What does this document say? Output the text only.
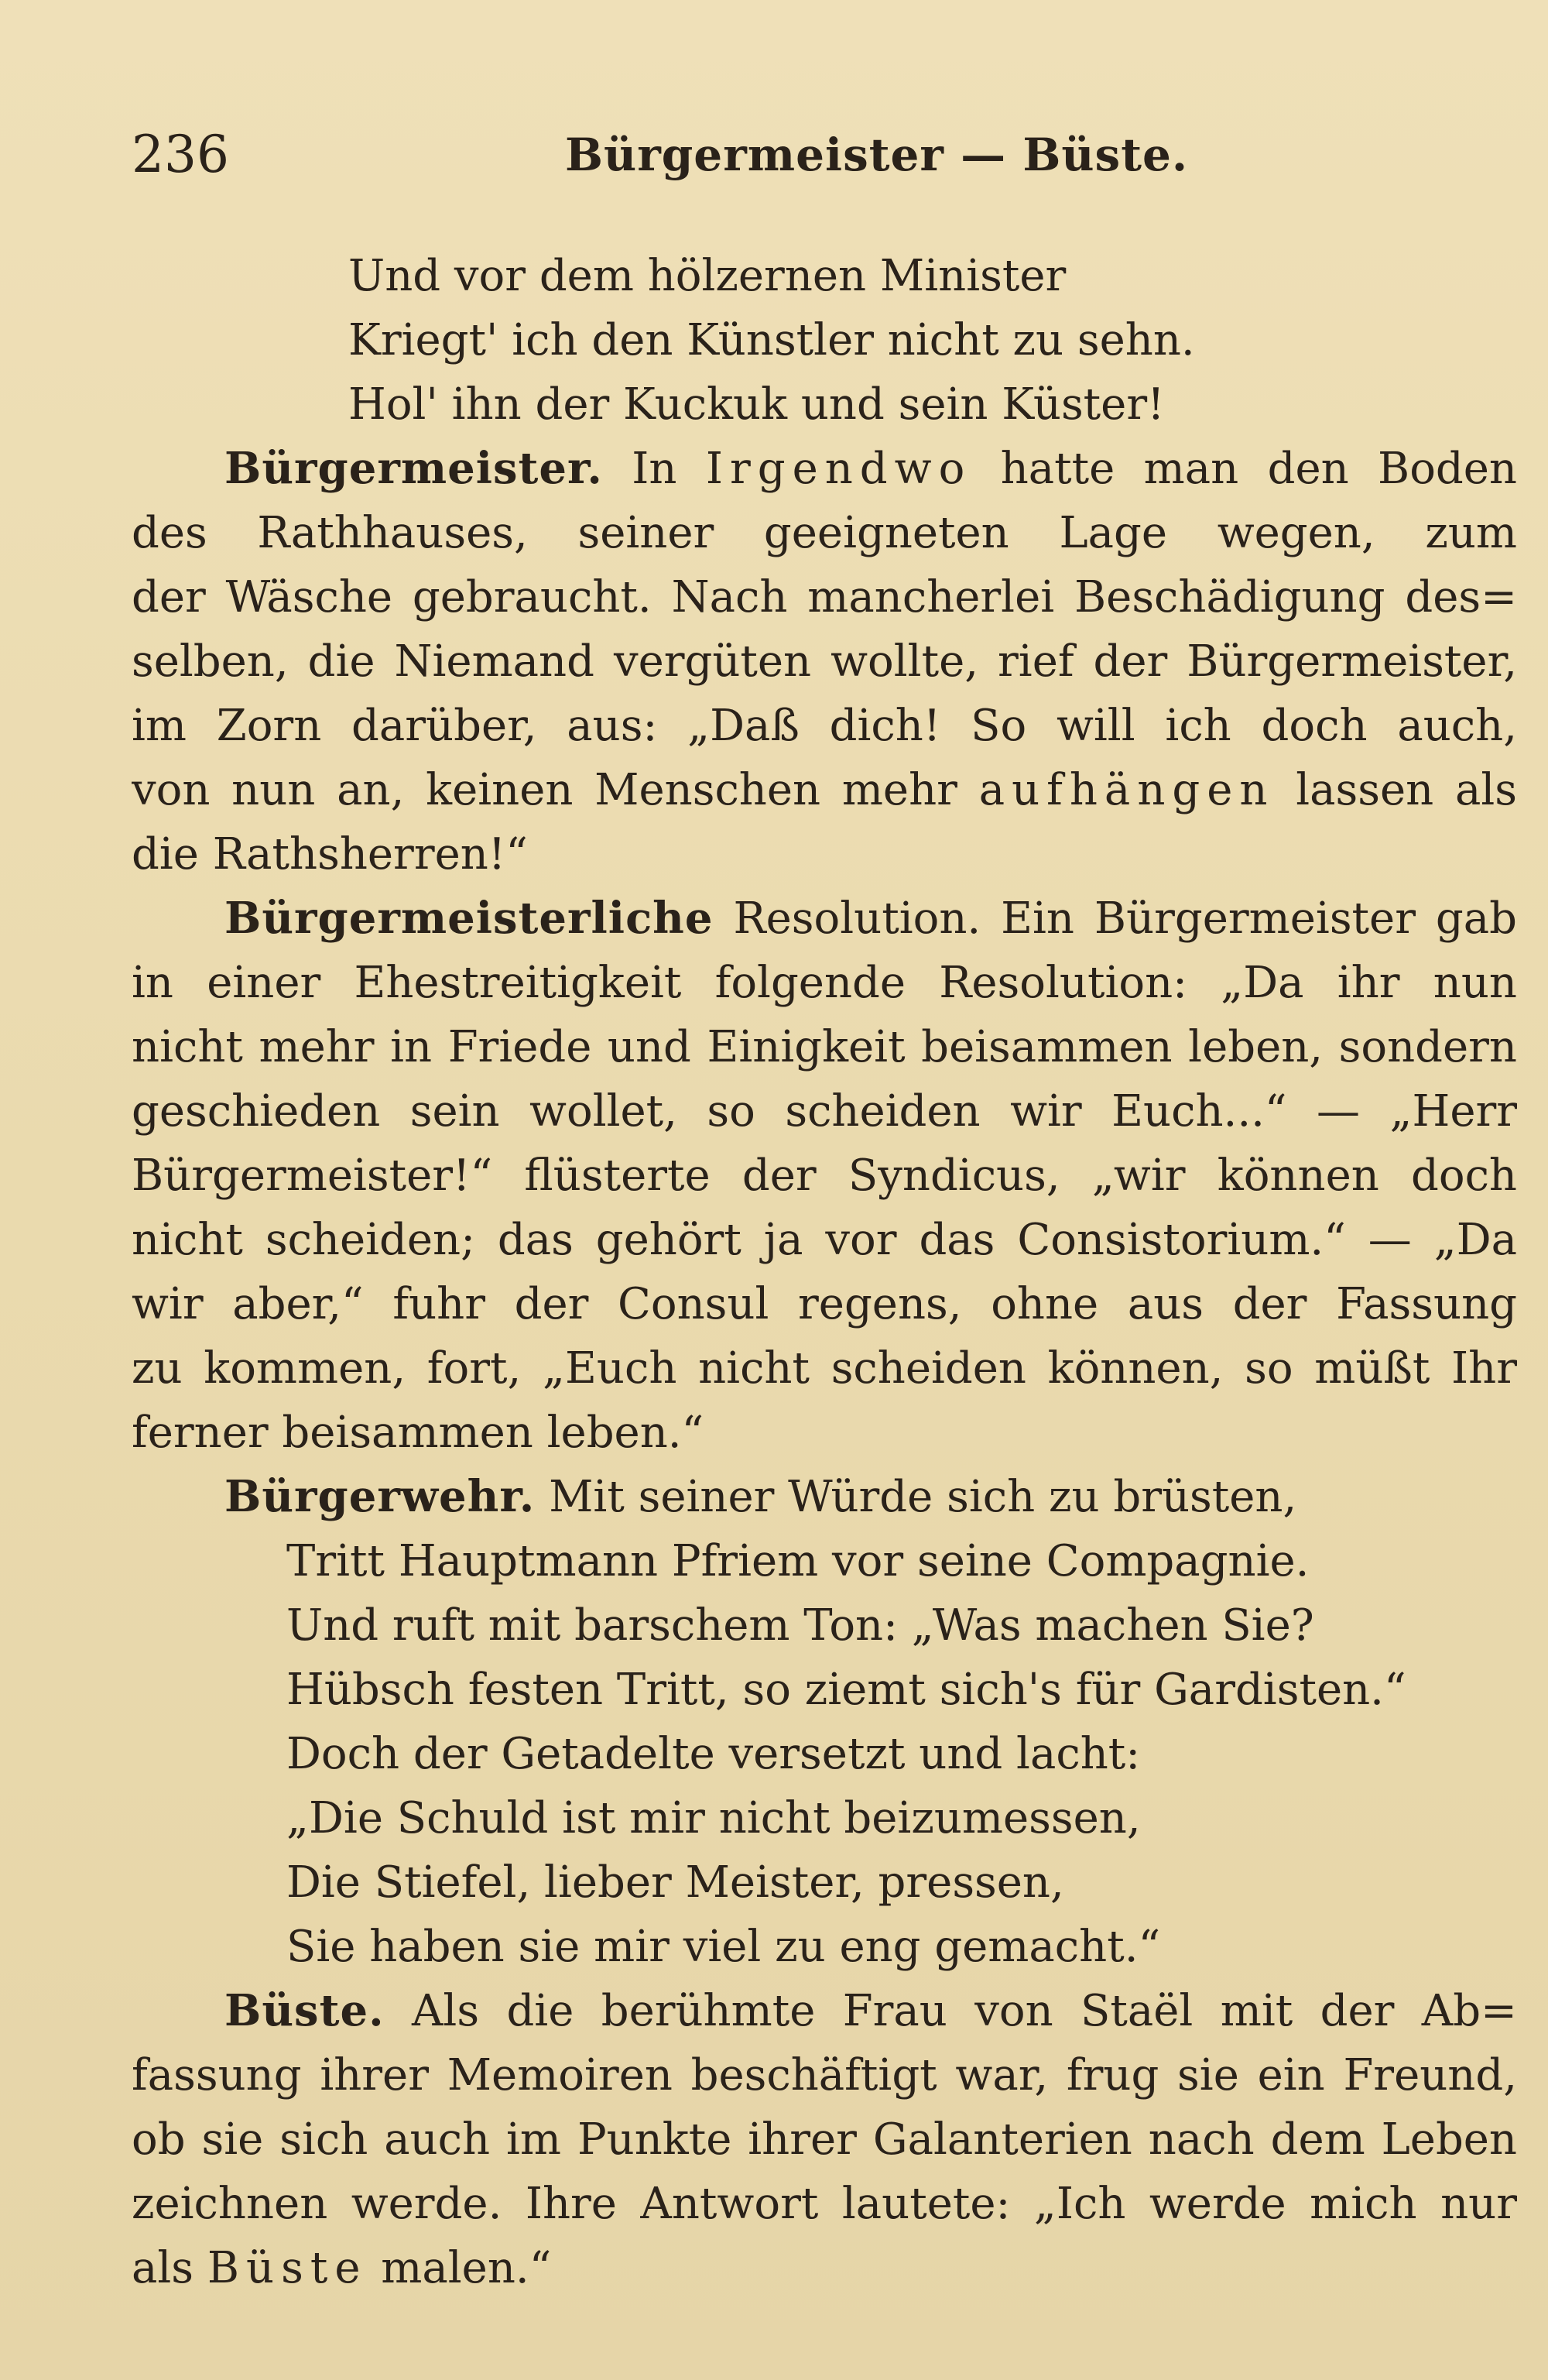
236	Bürgermeister — Büste.
Und vor dem hölzernen Minister
Kriegt' ich den Künstler nicht zu sehn.
Hol' ihn der Kuckuk und sein Küster!
Bürgermeister. In Irgendwo hatte man den Boden
des Rathhauses, seiner geeigneten Lage wegen, zum
der Wäsche gebraucht. Nach mancherlei Beschädigung des=
selben, die Niemand vergüten wollte, rief der Bürgermeister,
im Zorn darüber, aus: „Daß dich! So will ich doch auch,
von nun an, keinen Menschen mehr aufhängen lassen als
die Rathsherren!“
Bürgermeisterliche Resolution. Ein Bürgermeister gab
in einer Ehestreitigkeit folgende Resolution: „Da ihr nun
nicht mehr in Friede und Einigkeit beisammen leben, sondern
geschieden sein wollet, so scheiden wir Euch...“ — „Herr
Bürgermeister!“ flüsterte der Syndicus, „wir können doch
nicht scheiden; das gehört ja vor das Consistorium.“ — „Da
wir aber,“ fuhr der Consul regens, ohne aus der Fassung
zu kommen, fort, „Euch nicht scheiden können, so müßt Ihr
ferner beisammen leben.“
Bürgerwehr. Mit seiner Würde sich zu brüsten,
Tritt Hauptmann Pfriem vor seine Compagnie.
Und ruft mit barschem Ton: „Was machen Sie?
Hübsch festen Tritt, so ziemt sich's für Gardisten.“
Doch der Getadelte versetzt und lacht:
„Die Schuld ist mir nicht beizumessen,
Die Stiefel, lieber Meister, pressen,
Sie haben sie mir viel zu eng gemacht.“
Büste. Als die berühmte Frau von Staël mit der Ab=
fassung ihrer Memoiren beschäftigt war, frug sie ein Freund,
ob sie sich auch im Punkte ihrer Galanterien nach dem Leben
zeichnen werde. Ihre Antwort lautete: „Ich werde mich nur
als Büste malen.“
